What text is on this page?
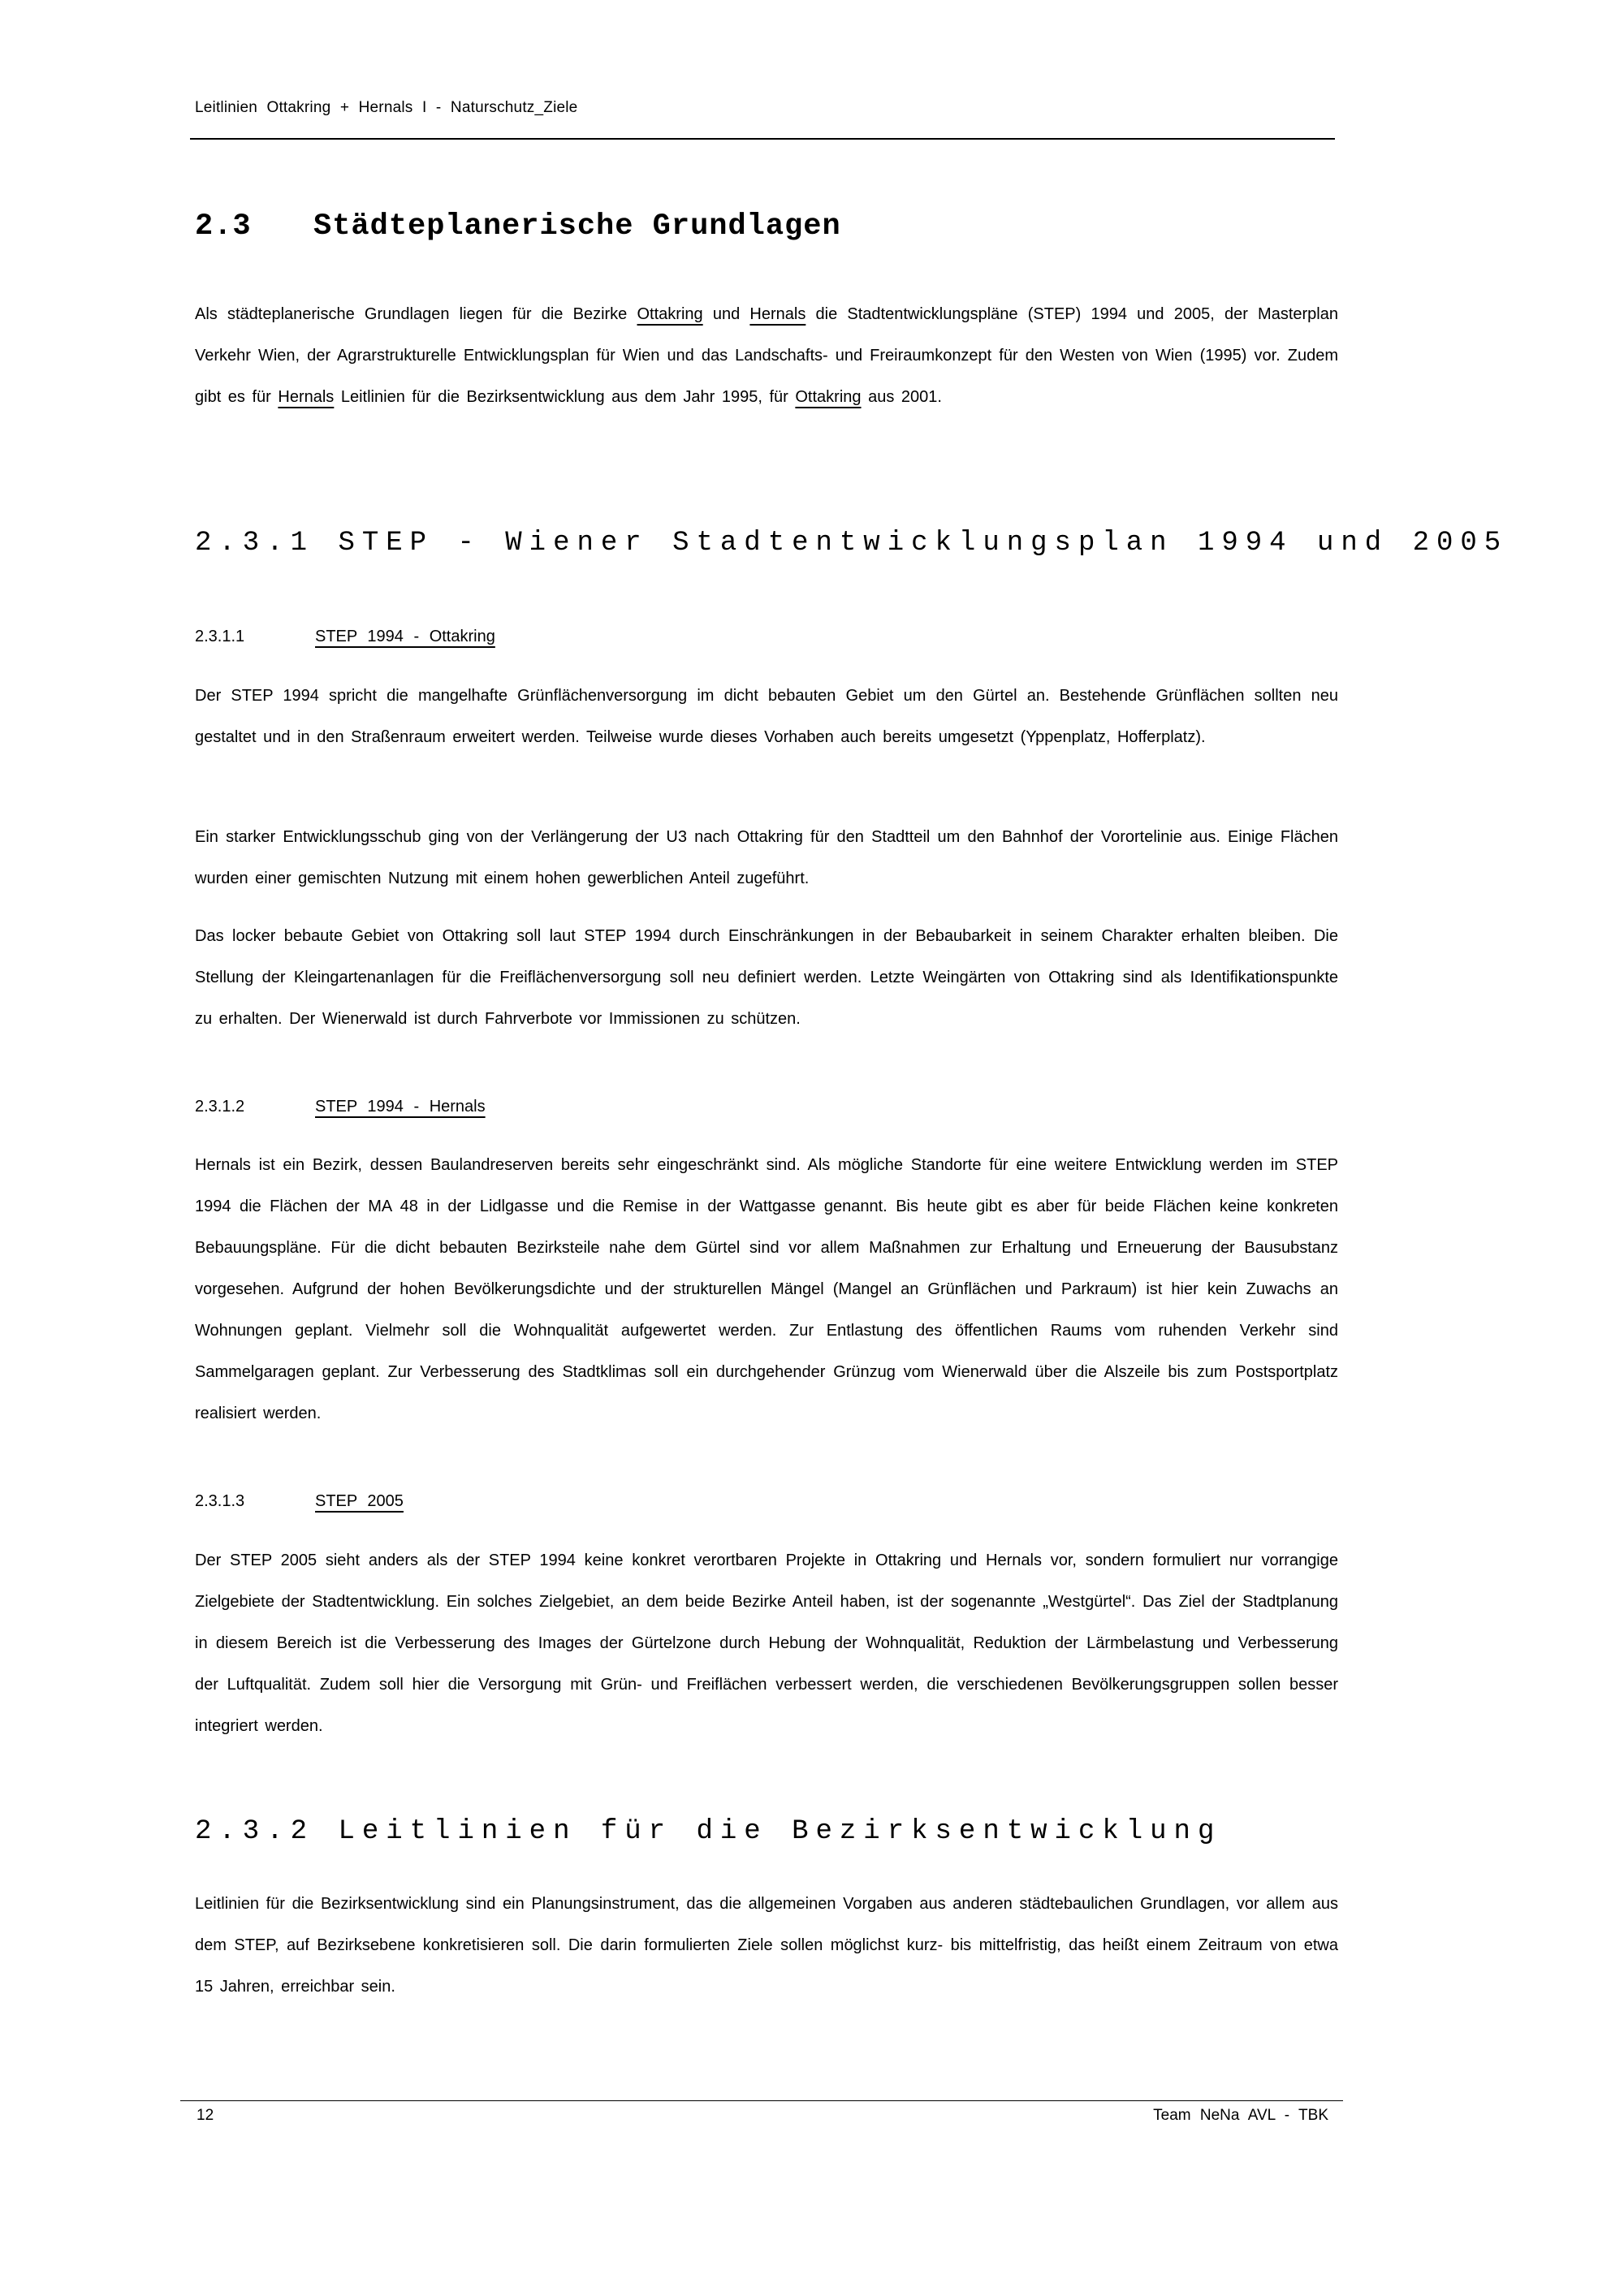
Leitlinien Ottakring + Hernals I - Naturschutz_Ziele
2.3 Städteplanerische Grundlagen

Als städteplanerische Grundlagen liegen für die Bezirke Ottakring und Hernals die Stadtentwicklungspläne (STEP) 1994 und 2005, der Masterplan Verkehr Wien, der Agrarstrukturelle Entwicklungsplan für Wien und das Landschafts- und Freiraumkonzept für den Westen von Wien (1995) vor. Zudem gibt es für Hernals Leitlinien für die Bezirksentwicklung aus dem Jahr 1995, für Ottakring aus 2001.

2.3.1 STEP - Wiener Stadtentwicklungsplan 1994 und 2005
2.3.1.1	STEP 1994 - Ottakring

Der STEP 1994 spricht die mangelhafte Grünflächenversorgung im dicht bebauten Gebiet um den Gürtel an. Bestehende Grünflächen sollten neu gestaltet und in den Straßenraum erweitert werden. Teilweise wurde dieses Vorhaben auch bereits umgesetzt (Yppenplatz, Hofferplatz).

Ein starker Entwicklungsschub ging von der Verlängerung der U3 nach Ottakring für den Stadtteil um den Bahnhof der Vorortelinie aus. Einige Flächen wurden einer gemischten Nutzung mit einem hohen gewerblichen Anteil zugeführt.

Das locker bebaute Gebiet von Ottakring soll laut STEP 1994 durch Einschränkungen in der Bebaubarkeit in seinem Charakter erhalten bleiben. Die Stellung der Kleingartenanlagen für die Freiflächenversorgung soll neu definiert werden. Letzte Weingärten von Ottakring sind als Identifikationspunkte zu erhalten. Der Wienerwald ist durch Fahrverbote vor Immissionen zu schützen.

2.3.1.2	STEP 1994 - Hernals

Hernals ist ein Bezirk, dessen Baulandreserven bereits sehr eingeschränkt sind. Als mögliche Standorte für eine weitere Entwicklung werden im STEP 1994 die Flächen der MA 48 in der Lidlgasse und die Remise in der Wattgasse genannt. Bis heute gibt es aber für beide Flächen keine konkreten Bebauungspläne. Für die dicht bebauten Bezirksteile nahe dem Gürtel sind vor allem Maßnahmen zur Erhaltung und Erneuerung der Bausubstanz vorgesehen. Aufgrund der hohen Bevölkerungsdichte und der strukturellen Mängel (Mangel an Grünflächen und Parkraum) ist hier kein Zuwachs an Wohnungen geplant. Vielmehr soll die Wohnqualität aufgewertet werden. Zur Entlastung des öffentlichen Raums vom ruhenden Verkehr sind Sammelgaragen geplant. Zur Verbesserung des Stadtklimas soll ein durchgehender Grünzug vom Wienerwald über die Alszeile bis zum Postsportplatz realisiert werden.

2.3.1.3	STEP 2005

Der STEP 2005 sieht anders als der STEP 1994 keine konkret verortbaren Projekte in Ottakring und Hernals vor, sondern formuliert nur vorrangige Zielgebiete der Stadtentwicklung. Ein solches Zielgebiet, an dem beide Bezirke Anteil haben, ist der sogenannte „Westgürtel“. Das Ziel der Stadtplanung in diesem Bereich ist die Verbesserung des Images der Gürtelzone durch Hebung der Wohnqualität, Reduktion der Lärmbelastung und Verbesserung der Luftqualität. Zudem soll hier die Versorgung mit Grün- und Freiflächen verbessert werden, die verschiedenen Bevölkerungsgruppen sollen besser integriert werden.

2.3.2 Leitlinien für die Bezirksentwicklung

Leitlinien für die Bezirksentwicklung sind ein Planungsinstrument, das die allgemeinen Vorgaben aus anderen städtebaulichen Grundlagen, vor allem aus dem STEP, auf Bezirksebene konkretisieren soll. Die darin formulierten Ziele sollen möglichst kurz- bis mittelfristig, das heißt einem Zeitraum von etwa 15 Jahren, erreichbar sein.

12	Team NeNa AVL - TBK
